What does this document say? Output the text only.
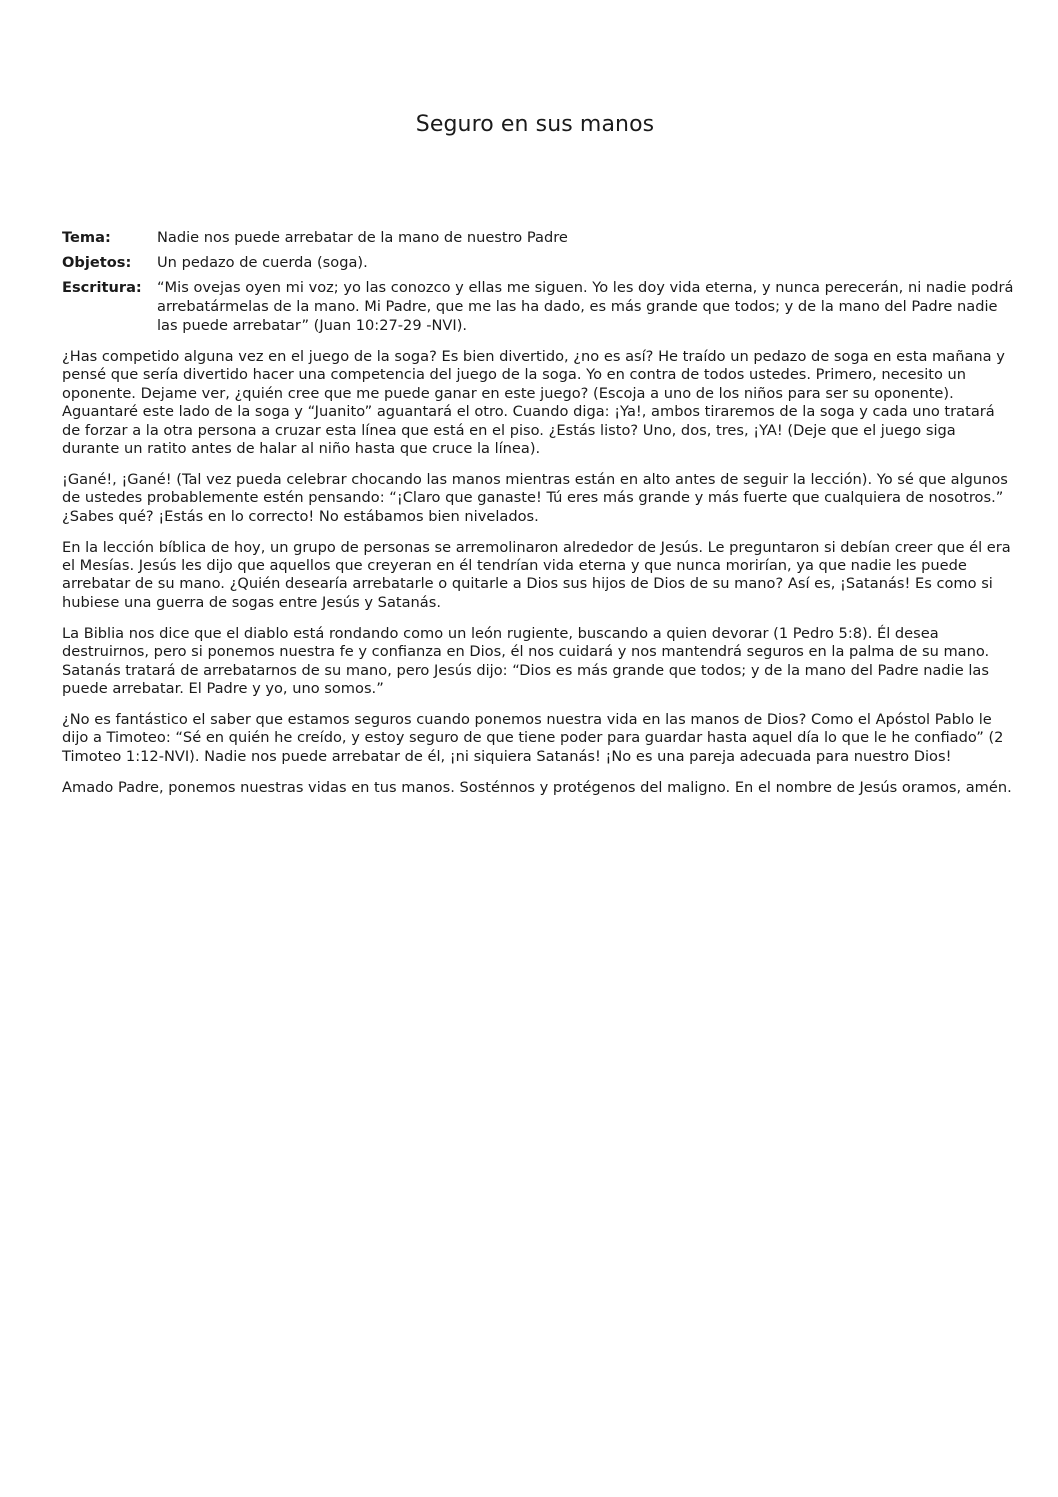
Seguro en sus manos
Tema:	Nadie nos puede arrebatar de la mano de nuestro Padre
Objetos:	Un pedazo de cuerda (soga).
Escritura:	“Mis ovejas oyen mi voz; yo las conozco y ellas me siguen. Yo les doy vida eterna, y nunca perecerán, ni nadie podrá arrebatármelas de la mano. Mi Padre, que me las ha dado, es más grande que todos; y de la mano del Padre nadie las puede arrebatar” (Juan 10:27-29 -NVI).

¿Has competido alguna vez en el juego de la soga? Es bien divertido, ¿no es así? He traído un pedazo de soga en esta mañana y pensé que sería divertido hacer una competencia del juego de la soga. Yo en contra de todos ustedes. Primero, necesito un oponente. Dejame ver, ¿quién cree que me puede ganar en este juego? (Escoja a uno de los niños para ser su oponente). Aguantaré este lado de la soga y “Juanito” aguantará el otro. Cuando diga: ¡Ya!, ambos tiraremos de la soga y cada uno tratará de forzar a la otra persona a cruzar esta línea que está en el piso. ¿Estás listo? Uno, dos, tres, ¡YA! (Deje que el juego siga durante un ratito antes de halar al niño hasta que cruce la línea).

¡Gané!, ¡Gané! (Tal vez pueda celebrar chocando las manos mientras están en alto antes de seguir la lección). Yo sé que algunos de ustedes probablemente estén pensando: “¡Claro que ganaste! Tú eres más grande y más fuerte que cualquiera de nosotros.” ¿Sabes qué? ¡Estás en lo correcto! No estábamos bien nivelados.

En la lección bíblica de hoy, un grupo de personas se arremolinaron alrededor de Jesús. Le preguntaron si debían creer que él era el Mesías. Jesús les dijo que aquellos que creyeran en él tendrían vida eterna y que nunca morirían, ya que nadie les puede arrebatar de su mano. ¿Quién desearía arrebatarle o quitarle a Dios sus hijos de Dios de su mano? Así es, ¡Satanás! Es como si hubiese una guerra de sogas entre Jesús y Satanás.

La Biblia nos dice que el diablo está rondando como un león rugiente, buscando a quien devorar (1 Pedro 5:8). Él desea destruirnos, pero si ponemos nuestra fe y confianza en Dios, él nos cuidará y nos mantendrá seguros en la palma de su mano. Satanás tratará de arrebatarnos de su mano, pero Jesús dijo: “Dios es más grande que todos; y de la mano del Padre nadie las puede arrebatar. El Padre y yo, uno somos.”

¿No es fantástico el saber que estamos seguros cuando ponemos nuestra vida en las manos de Dios? Como el Apóstol Pablo le dijo a Timoteo: “Sé en quién he creído, y estoy seguro de que tiene poder para guardar hasta aquel día lo que le he confiado” (2 Timoteo 1:12-NVI). Nadie nos puede arrebatar de él, ¡ni siquiera Satanás! ¡No es una pareja adecuada para nuestro Dios!

Amado Padre, ponemos nuestras vidas en tus manos. Sosténnos y protégenos del maligno. En el nombre de Jesús oramos, amén.
